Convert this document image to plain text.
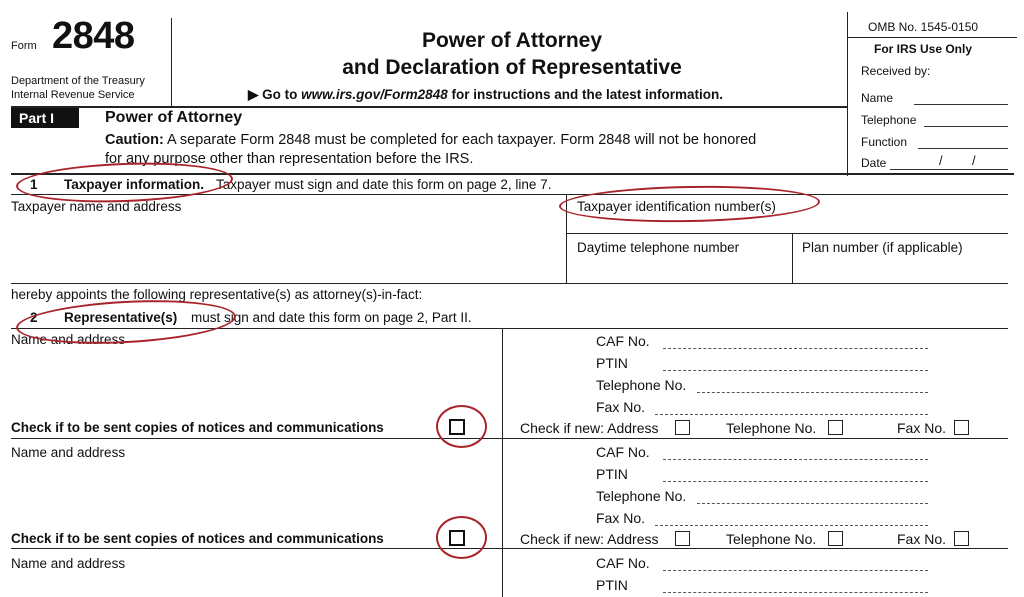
Form 2848
Department of the Treasury
Internal Revenue Service
Power of Attorney
and Declaration of Representative
▶ Go to www.irs.gov/Form2848 for instructions and the latest information.
OMB No. 1545-0150
For IRS Use Only
Received by:
Name
Telephone
Function
Date	/ /
Part I	Power of Attorney
Caution: A separate Form 2848 must be completed for each taxpayer. Form 2848 will not be honored
for any purpose other than representation before the IRS.
1 Taxpayer information. Taxpayer must sign and date this form on page 2, line 7.
Taxpayer name and address	Taxpayer identification number(s)
Daytime telephone number	Plan number (if applicable)
hereby appoints the following representative(s) as attorney(s)-in-fact:
2 Representative(s) must sign and date this form on page 2, Part II.
Name and address	CAF No.
PTIN
Telephone No.
Fax No.
Check if to be sent copies of notices and communications	Check if new: Address	Telephone No.	Fax No.
Name and address	CAF No.
PTIN
Telephone No.
Fax No.
Check if to be sent copies of notices and communications	Check if new: Address	Telephone No.	Fax No.
Name and address	CAF No.
PTIN
